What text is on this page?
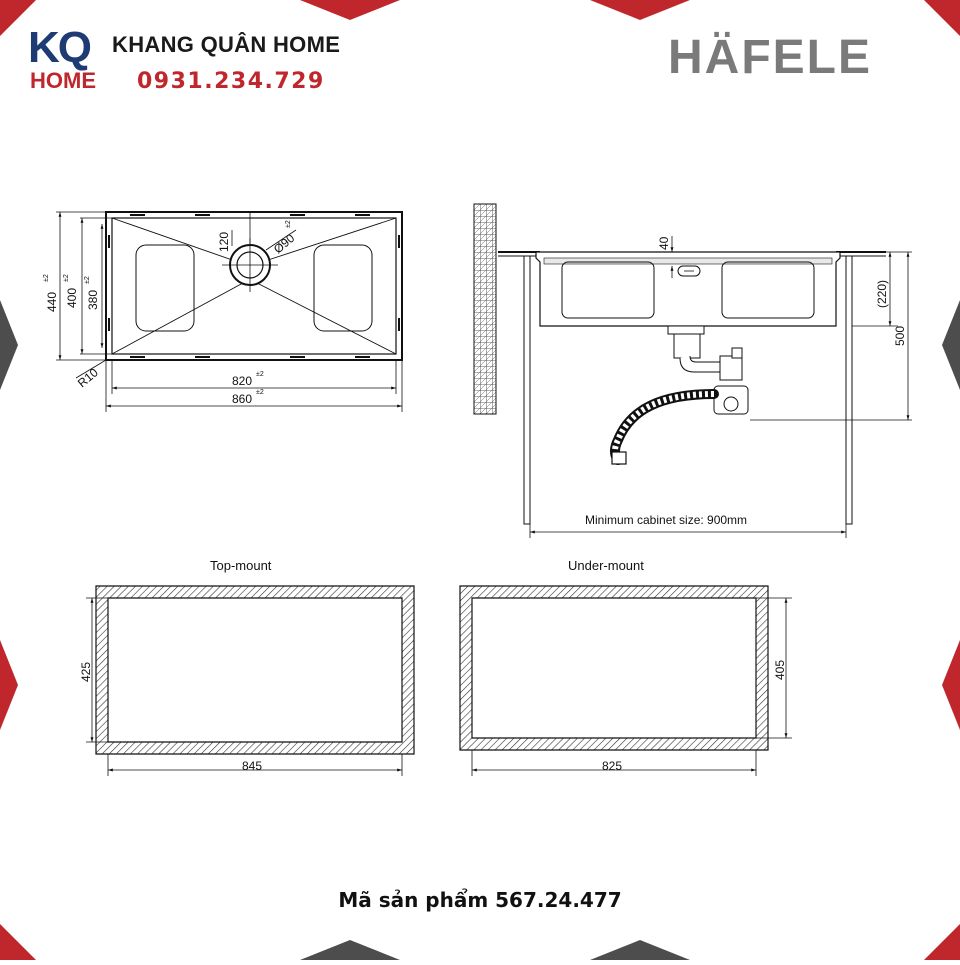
KQ
HOME
KHANG QUÂN HOME
0931.234.729	HÄFELE
440
±2
400
±2
380
±2
120	Ø90
±2
R10	820 ±2
860 ±2
40
(220)
500
Minimum cabinet size: 900mm
Top-mount
425
845
Under-mount
405
825
Mã sản phẩm 567.24.477
